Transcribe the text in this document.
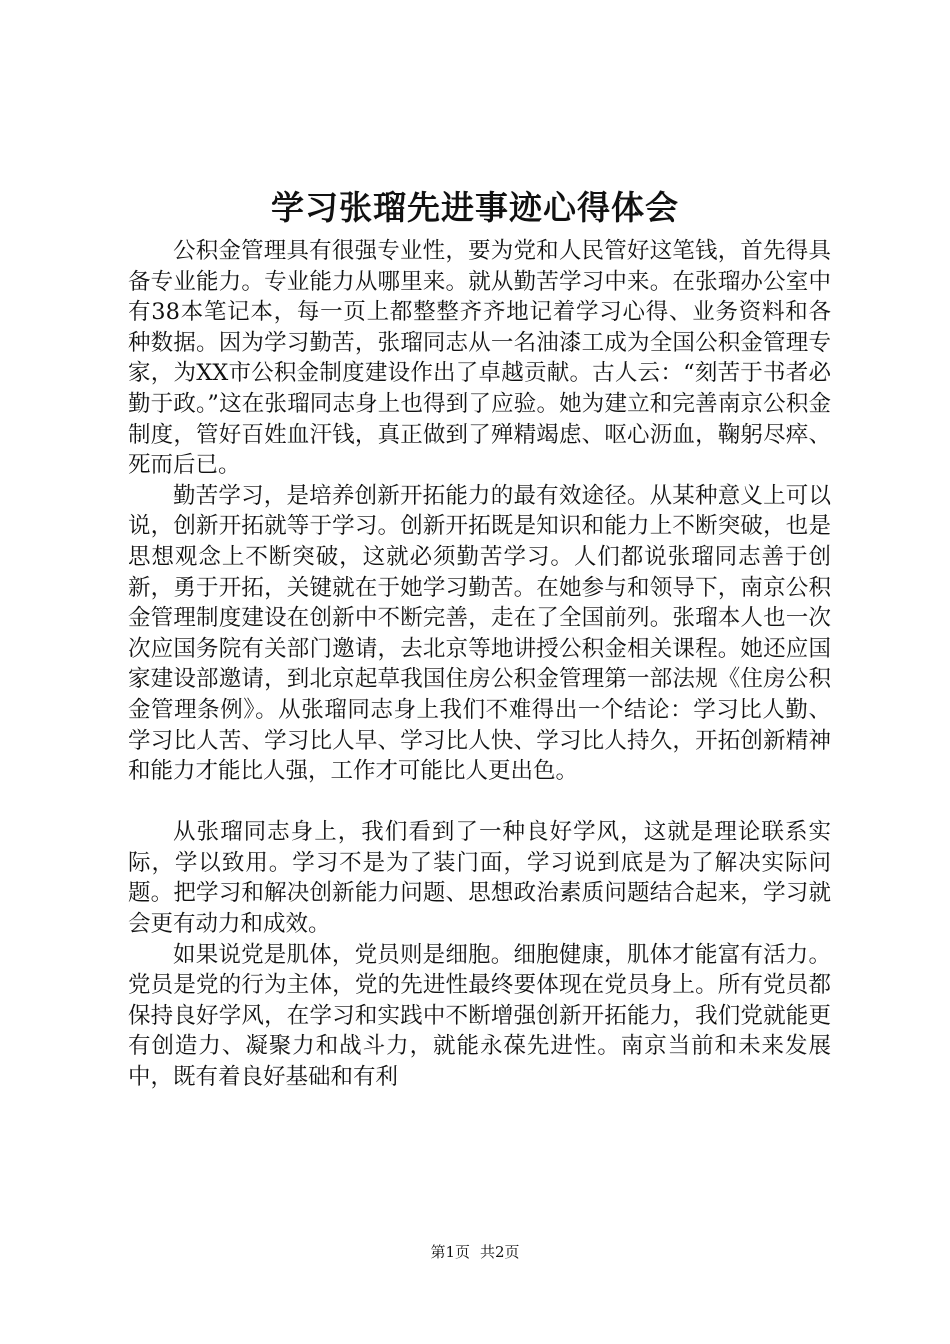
学习张瑠先进事迹心得体会

公积金管理具有很强专业性，要为党和人民管好这笔钱，首先得具备专业能力。专业能力从哪里来。就从勤苦学习中来。在张瑠办公室中有38本笔记本，每一页上都整整齐齐地记着学习心得、业务资料和各种数据。因为学习勤苦，张瑠同志从一名油漆工成为全国公积金管理专家，为XX市公积金制度建设作出了卓越贡献。古人云：“刻苦于书者必勤于政。”这在张瑠同志身上也得到了应验。她为建立和完善南京公积金制度，管好百姓血汗钱，真正做到了殚精竭虑、呕心沥血，鞠躬尽瘁、死而后已。

勤苦学习，是培养创新开拓能力的最有效途径。从某种意义上可以说，创新开拓就等于学习。创新开拓既是知识和能力上不断突破，也是思想观念上不断突破，这就必须勤苦学习。人们都说张瑠同志善于创新，勇于开拓，关键就在于她学习勤苦。在她参与和领导下，南京公积金管理制度建设在创新中不断完善，走在了全国前列。张瑠本人也一次次应国务院有关部门邀请，去北京等地讲授公积金相关课程。她还应国家建设部邀请，到北京起草我国住房公积金管理第一部法规《住房公积金管理条例》。从张瑠同志身上我们不难得出一个结论：学习比人勤、学习比人苦、学习比人早、学习比人快、学习比人持久，开拓创新精神和能力才能比人强，工作才可能比人更出色。

从张瑠同志身上，我们看到了一种良好学风，这就是理论联系实际，学以致用。学习不是为了装门面，学习说到底是为了解决实际问题。把学习和解决创新能力问题、思想政治素质问题结合起来，学习就会更有动力和成效。

如果说党是肌体，党员则是细胞。细胞健康，肌体才能富有活力。党员是党的行为主体，党的先进性最终要体现在党员身上。所有党员都保持良好学风，在学习和实践中不断增强创新开拓能力，我们党就能更有创造力、凝聚力和战斗力，就能永葆先进性。南京当前和未来发展中，既有着良好基础和有利

第1页 共2页
